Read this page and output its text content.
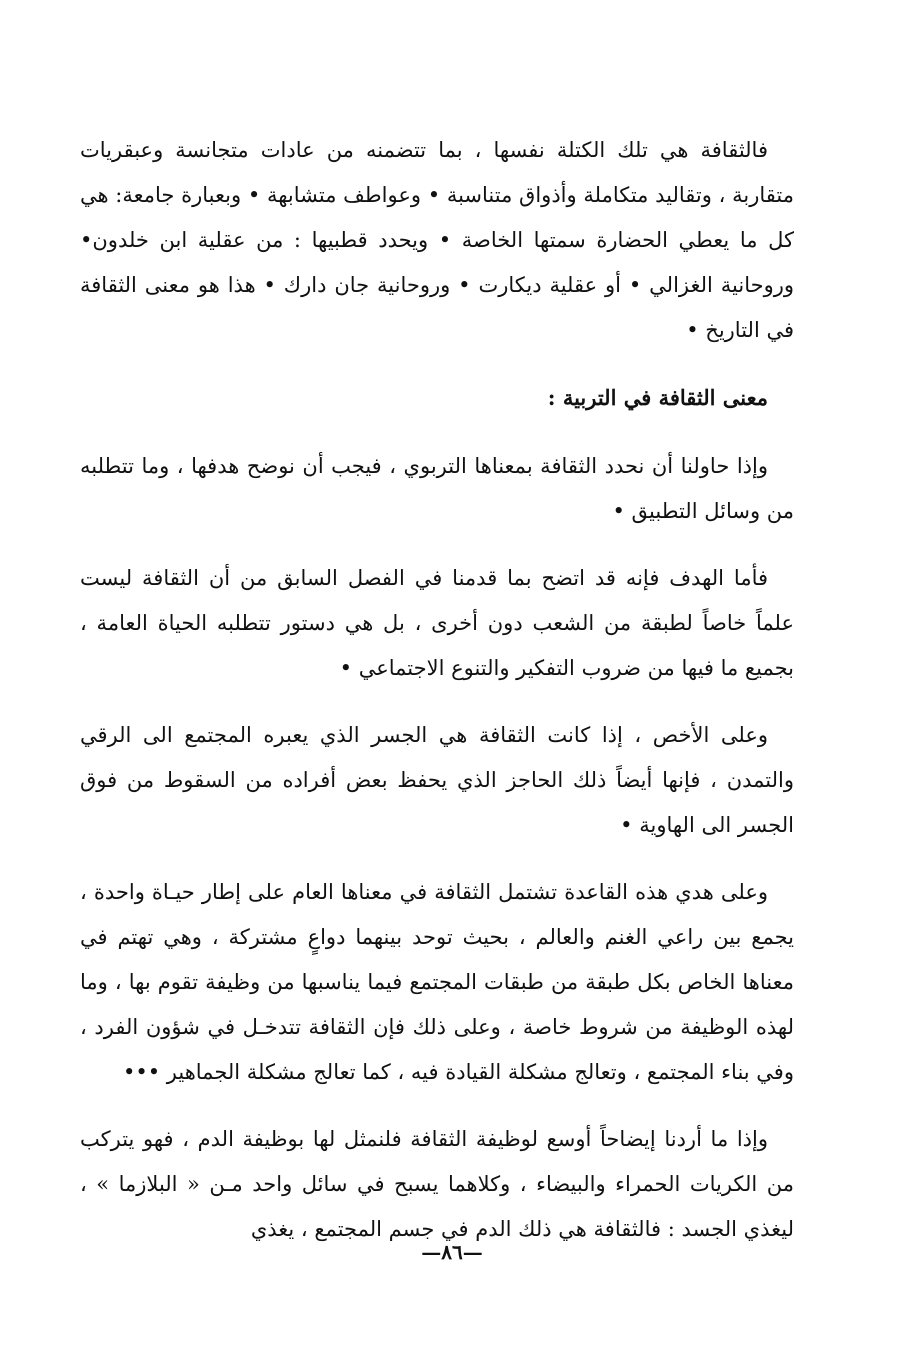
فالثقافة هي تلك الكتلة نفسها ، بما تتضمنه من عادات متجانسة وعبقريات متقاربة ، وتقاليد متكاملة وأذواق متناسبة • وعواطف متشابهة • وبعبارة جامعة: هي كل ما يعطي الحضارة سمتها الخاصة • ويحدد قطبيها : من عقلية ابن خلدون• وروحانية الغزالي • أو عقلية ديكارت • وروحانية جان دارك • هذا هو معنى الثقافة في التاريخ •

معنى الثقافة في التربية :

وإذا حاولنا أن نحدد الثقافة بمعناها التربوي ، فيجب أن نوضح هدفها ، وما تتطلبه من وسائل التطبيق •

فأما الهدف فإنه قد اتضح بما قدمنا في الفصل السابق من أن الثقافة ليست علماً خاصاً لطبقة من الشعب دون أخرى ، بل هي دستور تتطلبه الحياة العامة ، بجميع ما فيها من ضروب التفكير والتنوع الاجتماعي •

وعلى الأخص ، إذا كانت الثقافة هي الجسر الذي يعبره المجتمع الى الرقي والتمدن ، فإنها أيضاً ذلك الحاجز الذي يحفظ بعض أفراده من السقوط من فوق الجسر الى الهاوية •

وعلى هدي هذه القاعدة تشتمل الثقافة في معناها العام على إطار حيـاة واحدة ، يجمع بين راعي الغنم والعالم ، بحيث توحد بينهما دواعٍ مشتركة ، وهي تهتم في معناها الخاص بكل طبقة من طبقات المجتمع فيما يناسبها من وظيفة تقوم بها ، وما لهذه الوظيفة من شروط خاصة ، وعلى ذلك فإن الثقافة تتدخـل في شؤون الفرد ، وفي بناء المجتمع ، وتعالج مشكلة القيادة فيه ، كما تعالج مشكلة الجماهير •••

وإذا ما أردنا إيضاحاً أوسع لوظيفة الثقافة فلنمثل لها بوظيفة الدم ، فهو يتركب من الكريات الحمراء والبيضاء ، وكلاهما يسبح في سائل واحد مـن « البلازما » ، ليغذي الجسد : فالثقافة هي ذلك الدم في جسم المجتمع ، يغذي

—٨٦—
